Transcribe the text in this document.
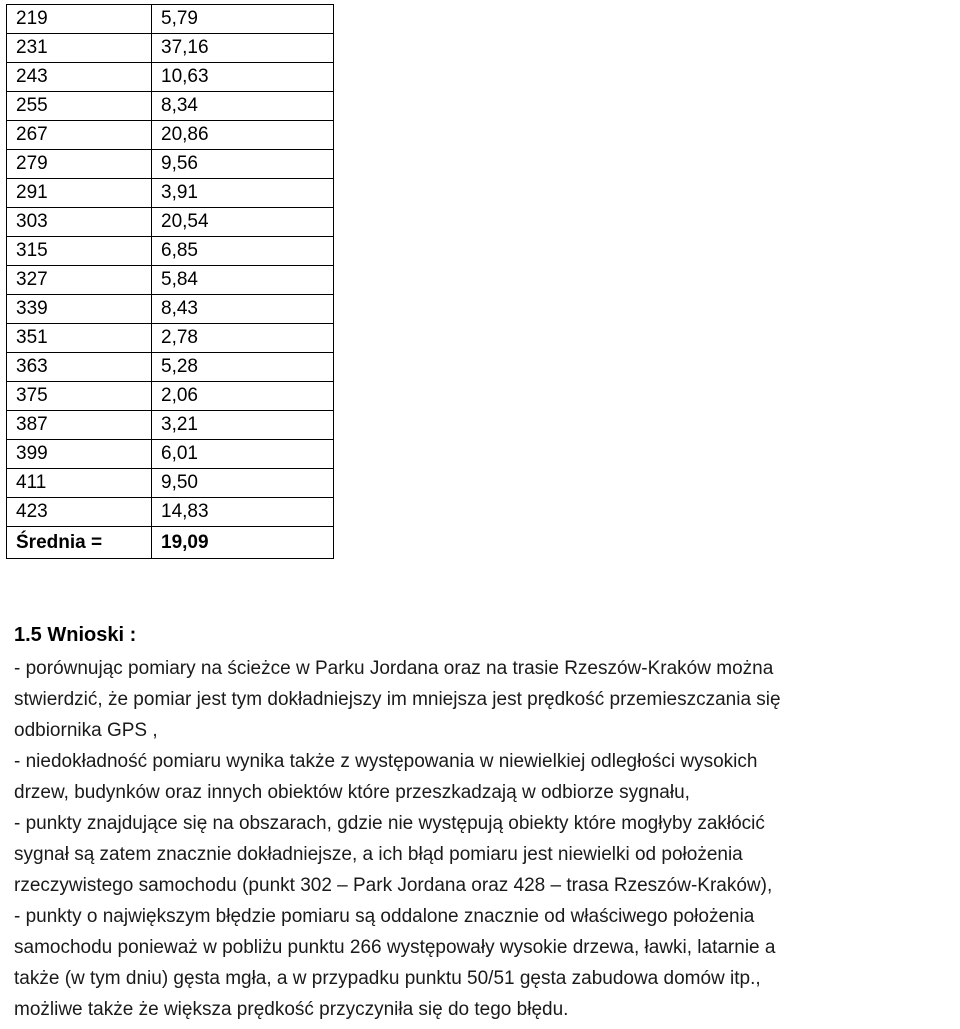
219	5,79
231	37,16
243	10,63
255	8,34
267	20,86
279	9,56
291	3,91
303	20,54
315	6,85
327	5,84
339	8,43
351	2,78
363	5,28
375	2,06
387	3,21
399	6,01
411	9,50
423	14,83
Średnia =	19,09
1.5 Wnioski :
- porównując pomiary na ścieżce w Parku Jordana oraz na trasie Rzeszów-Kraków można
stwierdzić, że pomiar jest tym dokładniejszy im mniejsza jest prędkość przemieszczania się
odbiornika GPS ,
- niedokładność pomiaru wynika także z występowania w niewielkiej odległości wysokich
drzew, budynków oraz innych obiektów które przeszkadzają w odbiorze sygnału,
- punkty znajdujące się na obszarach, gdzie nie występują obiekty które mogłyby zakłócić
sygnał są zatem znacznie dokładniejsze, a ich błąd pomiaru jest niewielki od położenia
rzeczywistego samochodu (punkt 302 – Park Jordana oraz 428 – trasa Rzeszów-Kraków),
- punkty o największym błędzie pomiaru są oddalone znacznie od właściwego położenia
samochodu ponieważ w pobliżu punktu 266 występowały wysokie drzewa, ławki, latarnie a
także (w tym dniu) gęsta mgła, a w przypadku punktu 50/51 gęsta zabudowa domów itp.,
możliwe także że większa prędkość przyczyniła się do tego błędu.
